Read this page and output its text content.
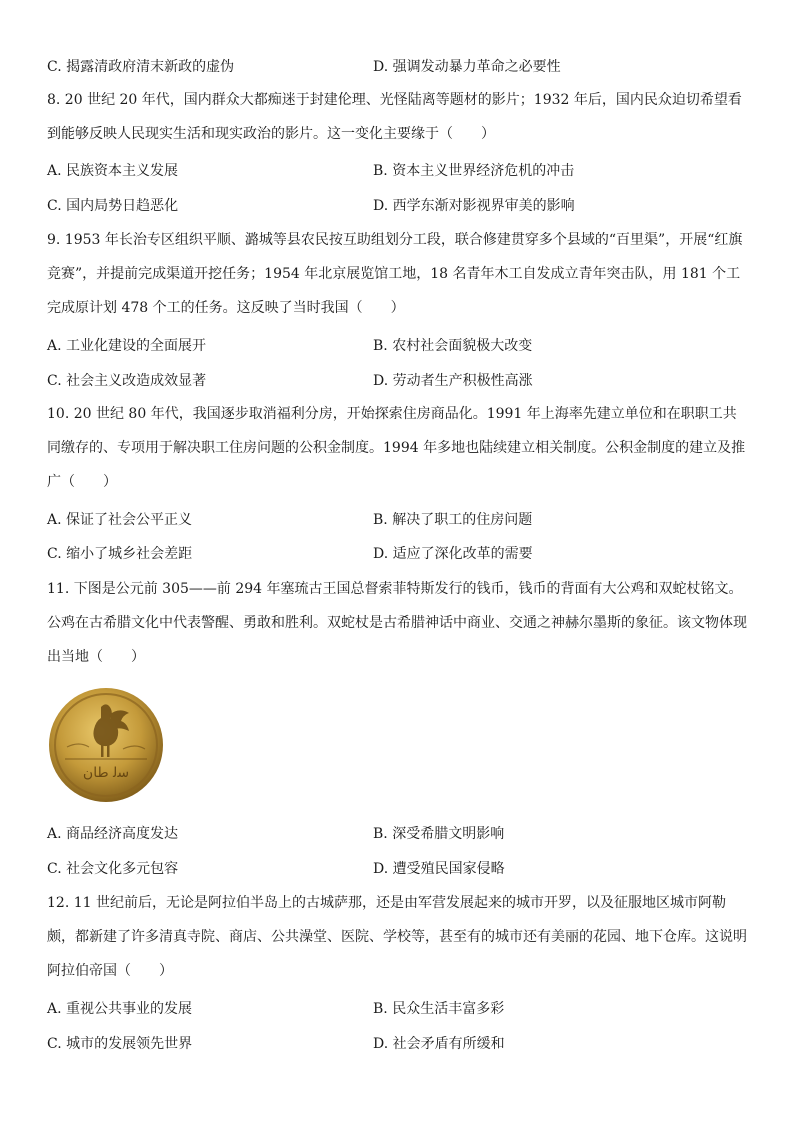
C. 揭露清政府清末新政的虚伪	D. 强调发动暴力革命之必要性

8. 20 世纪 20 年代，国内群众大都痴迷于封建伦理、光怪陆离等题材的影片；1932 年后，国内民众迫切希望看到能够反映人民现实生活和现实政治的影片。这一变化主要缘于（　　）

A. 民族资本主义发展	B. 资本主义世界经济危机的冲击
C. 国内局势日趋恶化	D. 西学东渐对影视界审美的影响

9. 1953 年长治专区组织平顺、潞城等县农民按互助组划分工段，联合修建贯穿多个县域的“百里渠”，开展“红旗竞赛”，并提前完成渠道开挖任务；1954 年北京展览馆工地，18 名青年木工自发成立青年突击队，用 181 个工完成原计划 478 个工的任务。这反映了当时我国（　　）

A. 工业化建设的全面展开	B. 农村社会面貌极大改变
C. 社会主义改造成效显著	D. 劳动者生产积极性高涨

10. 20 世纪 80 年代，我国逐步取消福利分房，开始探索住房商品化。1991 年上海率先建立单位和在职职工共同缴存的、专项用于解决职工住房问题的公积金制度。1994 年多地也陆续建立相关制度。公积金制度的建立及推广（　　）

A. 保证了社会公平正义	B. 解决了职工的住房问题
C. 缩小了城乡社会差距	D. 适应了深化改革的需要

11. 下图是公元前 305——前 294 年塞琉古王国总督索菲特斯发行的钱币，钱币的背面有大公鸡和双蛇杖铭文。公鸡在古希腊文化中代表警醒、勇敢和胜利。双蛇杖是古希腊神话中商业、交通之神赫尔墨斯的象征。该文物体现出当地（　　）

ﺳﻟ ﻃﺎﻥ
A. 商品经济高度发达	B. 深受希腊文明影响
C. 社会文化多元包容	D. 遭受殖民国家侵略

12. 11 世纪前后，无论是阿拉伯半岛上的古城萨那，还是由军营发展起来的城市开罗，以及征服地区城市阿勒颇，都新建了许多清真寺院、商店、公共澡堂、医院、学校等，甚至有的城市还有美丽的花园、地下仓库。这说明阿拉伯帝国（　　）

A. 重视公共事业的发展	B. 民众生活丰富多彩
C. 城市的发展领先世界	D. 社会矛盾有所缓和
